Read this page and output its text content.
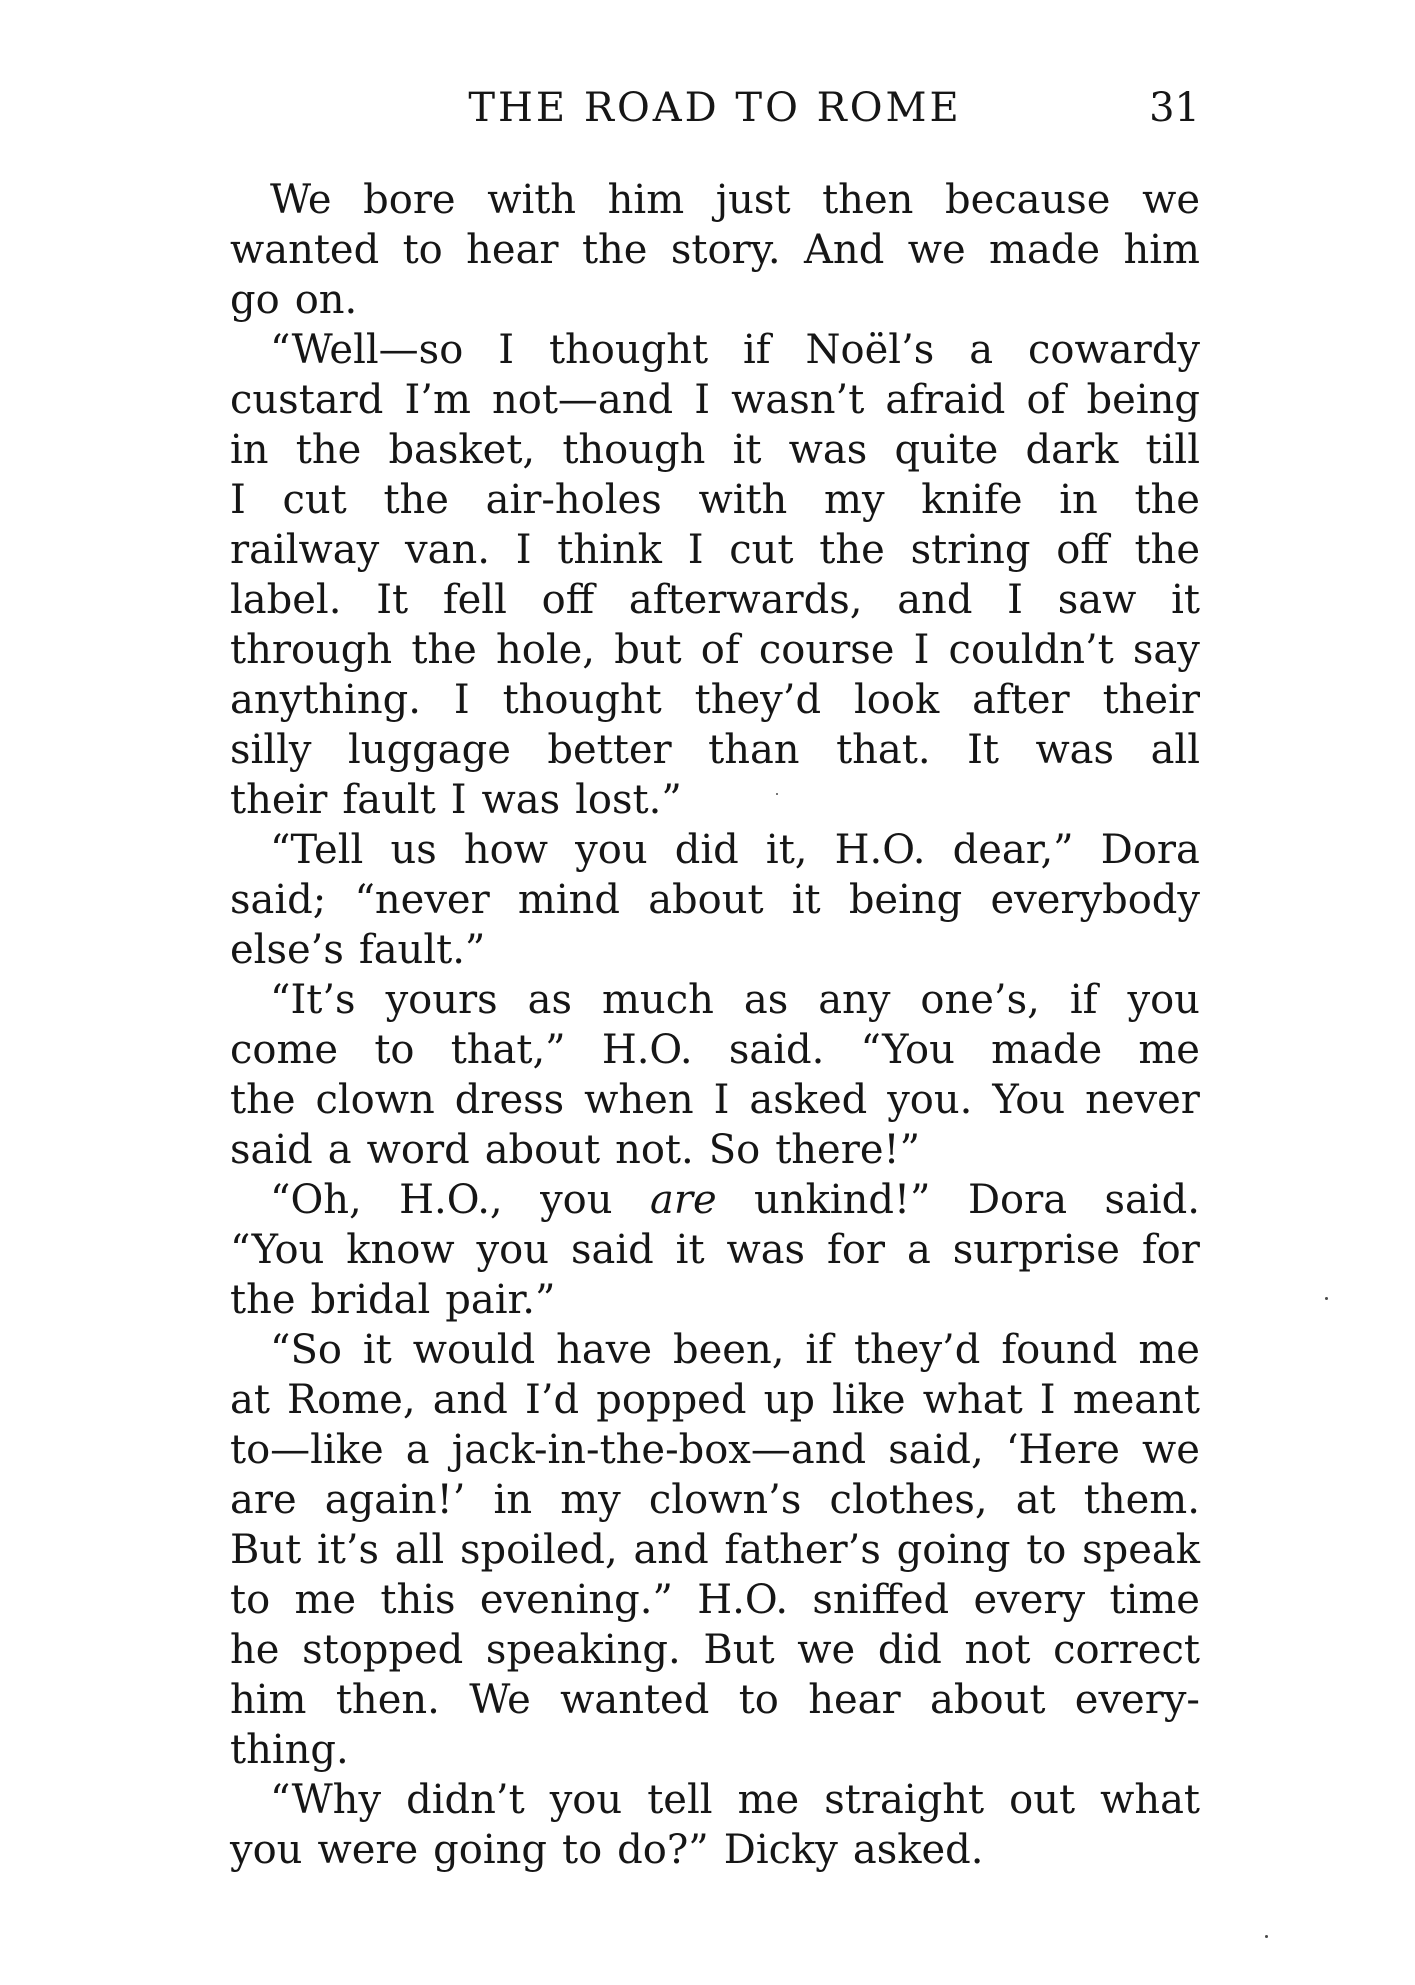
THE ROAD TO ROME	31
We bore with him just then because we
wanted to hear the story. And we made him
go on.
“Well—so I thought if Noël’s a cowardy
custard I’m not—and I wasn’t afraid of being
in the basket, though it was quite dark till
I cut the air-holes with my knife in the
railway van. I think I cut the string off the
label. It fell off afterwards, and I saw it
through the hole, but of course I couldn’t say
anything. I thought they’d look after their
silly luggage better than that. It was all
their fault I was lost.”
“Tell us how you did it, H.O. dear,” Dora
said; “never mind about it being everybody
else’s fault.”
“It’s yours as much as any one’s, if you
come to that,” H.O. said. “You made me
the clown dress when I asked you. You never
said a word about not. So there!”
“Oh, H.O., you are unkind!” Dora said.
“You know you said it was for a surprise for
the bridal pair.”
“So it would have been, if they’d found me
at Rome, and I’d popped up like what I meant
to—like a jack-in-the-box—and said, ‘Here we
are again!’ in my clown’s clothes, at them.
But it’s all spoiled, and father’s going to speak
to me this evening.” H.O. sniffed every time
he stopped speaking. But we did not correct
him then. We wanted to hear about every-
thing.
“Why didn’t you tell me straight out what
you were going to do?” Dicky asked.
